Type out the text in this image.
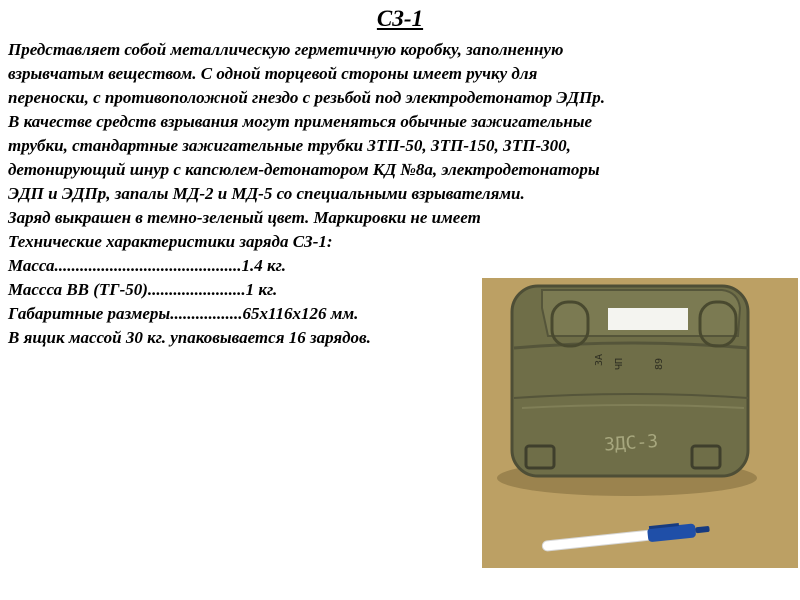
СЗ-1

Представляет собой металлическую герметичную коробку, заполненную

взрывчатым веществом. С одной торцевой стороны имеет ручку для

переноски, с противоположной гнездо с резьбой под электродетонатор ЭДПр.

В качестве средств взрывания могут применяться обычные зажигательные

трубки, стандартные зажигательные трубки ЗТП-50, ЗТП-150, ЗТП-300,

детонирующий шнур с капсюлем-детонатором КД №8а, электродетонаторы

ЭДП и ЭДПр, запалы МД-2 и МД-5 со специальными взрывателями.

Заряд выкрашен в темно-зеленый цвет. Маркировки не имеет

Технические характеристики заряда СЗ-1:

Масса............................................1.4 кг.

Массса ВВ (ТГ-50).......................1 кг.

Габаритные размеры.................65x116x126 мм.

В ящик массой 30 кг. упаковывается 16 зарядов.

ЗА ЧП	89
ЗДС-3
